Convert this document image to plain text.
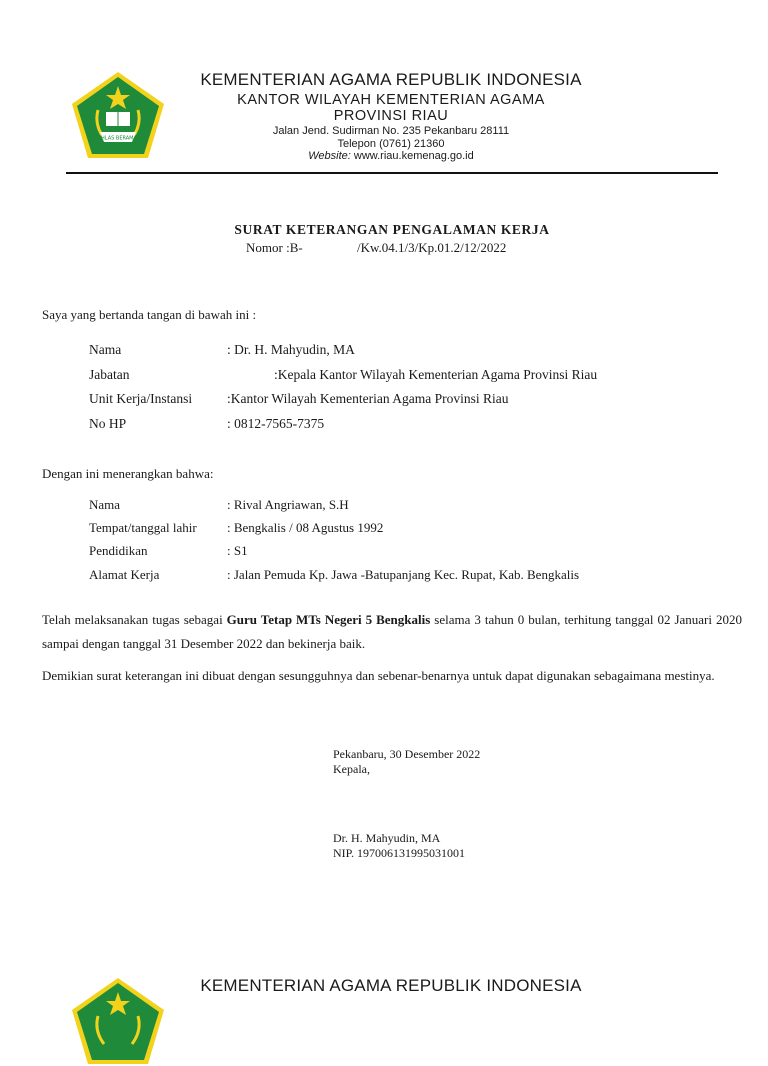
IKHLAS BERAMAL
KEMENTERIAN AGAMA REPUBLIK INDONESIA
KANTOR WILAYAH KEMENTERIAN AGAMA
PROVINSI RIAU
Jalan Jend. Sudirman No. 235 Pekanbaru 28111
Telepon (0761) 21360
Website: www.riau.kemenag.go.id
SURAT KETERANGAN PENGALAMAN KERJA
Nomor :B-	/Kw.04.1/3/Kp.01.2/12/2022
Saya yang bertanda tangan di bawah ini :
Nama	: Dr. H. Mahyudin, MA
Jabatan	:Kepala Kantor Wilayah Kementerian Agama Provinsi Riau
Unit Kerja/Instansi	:Kantor Wilayah Kementerian Agama Provinsi Riau
No HP	: 0812-7565-7375
Dengan ini menerangkan bahwa:
Nama	: Rival Angriawan, S.H
Tempat/tanggal lahir : Bengkalis / 08 Agustus 1992
Pendidikan	: S1
Alamat Kerja	: Jalan Pemuda Kp. Jawa -Batupanjang Kec. Rupat, Kab. Bengkalis
Telah melaksanakan tugas sebagai Guru Tetap MTs Negeri 5 Bengkalis selama 3 tahun 0 bulan, terhitung tanggal 02 Januari 2020 sampai dengan tanggal 31 Desember 2022 dan bekinerja baik.
Demikian surat keterangan ini dibuat dengan sesungguhnya dan sebenar-benarnya untuk dapat digunakan sebagaimana mestinya.
Pekanbaru, 30 Desember 2022
Kepala,
Dr. H. Mahyudin, MA
NIP. 197006131995031001
KEMENTERIAN AGAMA REPUBLIK INDONESIA
